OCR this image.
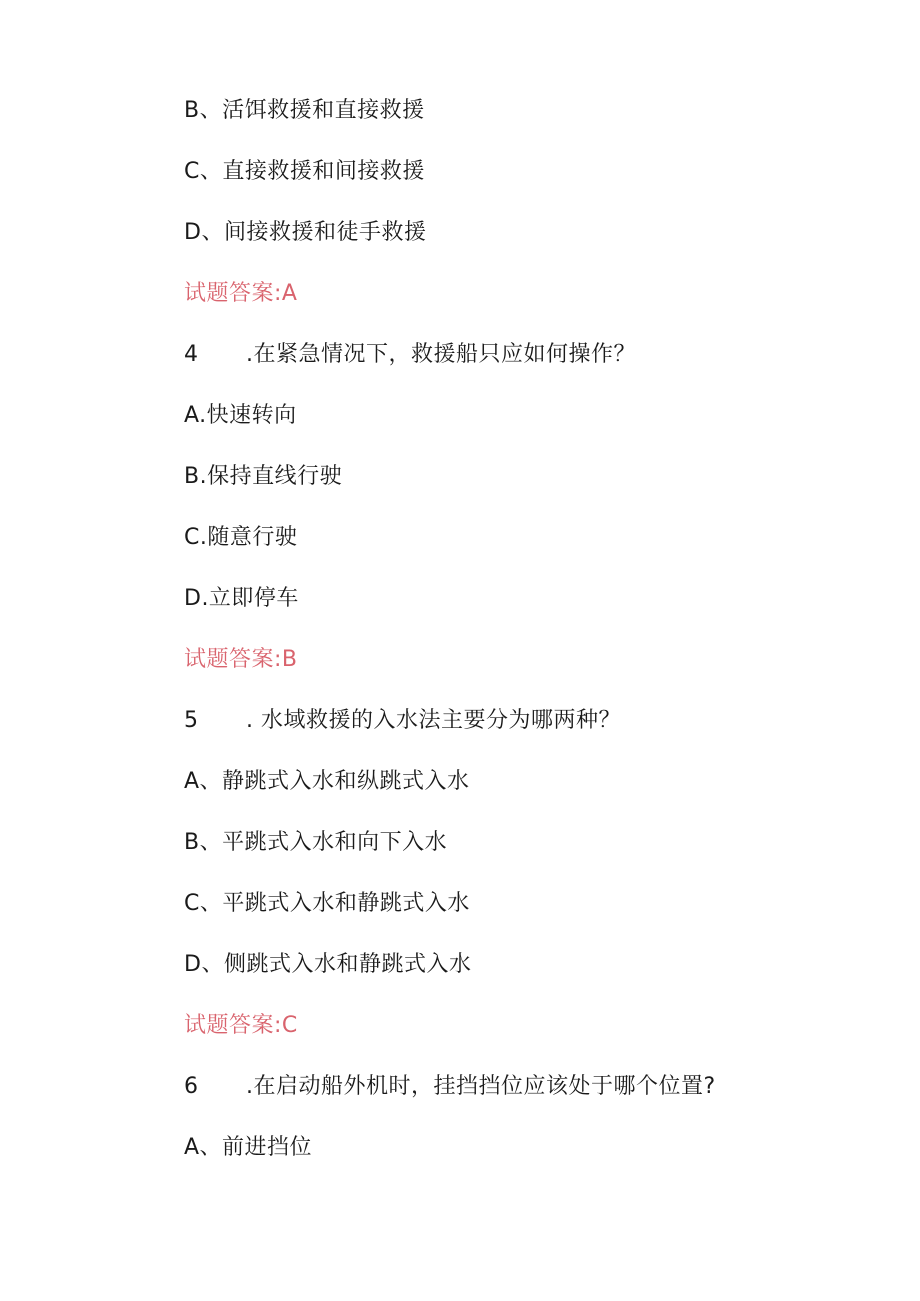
B、活饵救援和直接救援
C、直接救援和间接救援
D、间接救援和徒手救援
试题答案:A
4 .在紧急情况下，救援船只应如何操作？
A.快速转向
B.保持直线行驶
C.随意行驶
D.立即停车
试题答案:B
5 . 水域救援的入水法主要分为哪两种？
A、静跳式入水和纵跳式入水
B、平跳式入水和向下入水
C、平跳式入水和静跳式入水
D、侧跳式入水和静跳式入水
试题答案:C
6 .在启动船外机时，挂挡挡位应该处于哪个位置?
A、前进挡位
